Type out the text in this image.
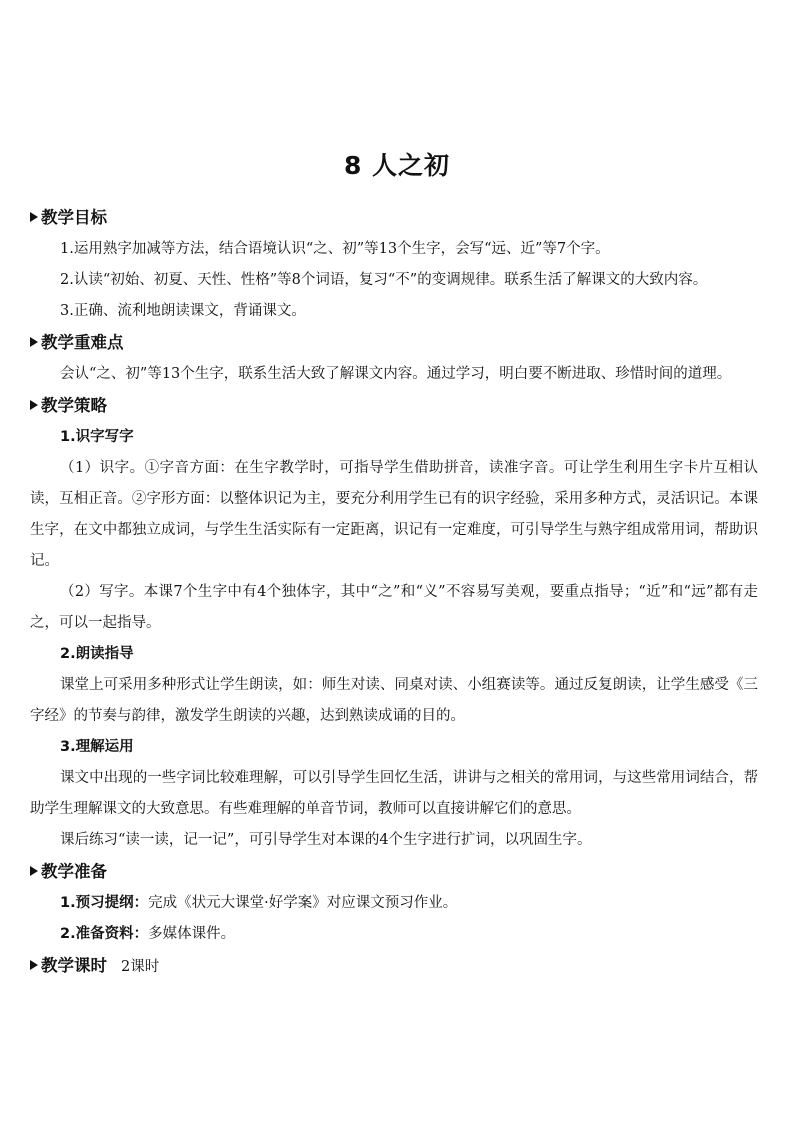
8 人之初
教学目标

1.运用熟字加减等方法，结合语境认识“之、初”等13个生字，会写“远、近”等7个字。

2.认读“初始、初夏、天性、性格”等8个词语，复习“不”的变调规律。联系生活了解课文的大致内容。

3.正确、流利地朗读课文，背诵课文。

教学重难点

会认“之、初”等13个生字，联系生活大致了解课文内容。通过学习，明白要不断进取、珍惜时间的道理。

教学策略
1.识字写字

（1）识字。①字音方面：在生字教学时，可指导学生借助拼音，读准字音。可让学生利用生字卡片互相认读，互相正音。②字形方面：以整体识记为主，要充分利用学生已有的识字经验，采用多种方式，灵活识记。本课生字，在文中都独立成词，与学生生活实际有一定距离，识记有一定难度，可引导学生与熟字组成常用词，帮助识记。

（2）写字。本课7个生字中有4个独体字，其中“之”和“义”不容易写美观，要重点指导；“近”和“远”都有走之，可以一起指导。

2.朗读指导

课堂上可采用多种形式让学生朗读，如：师生对读、同桌对读、小组赛读等。通过反复朗读，让学生感受《三字经》的节奏与韵律，激发学生朗读的兴趣，达到熟读成诵的目的。

3.理解运用

课文中出现的一些字词比较难理解，可以引导学生回忆生活，讲讲与之相关的常用词，与这些常用词结合，帮助学生理解课文的大致意思。有些难理解的单音节词，教师可以直接讲解它们的意思。

课后练习“读一读，记一记”，可引导学生对本课的4个生字进行扩词，以巩固生字。

教学准备

1.预习提纲：完成《状元大课堂·好学案》对应课文预习作业。

2.准备资料：多媒体课件。

教学课时 2课时
